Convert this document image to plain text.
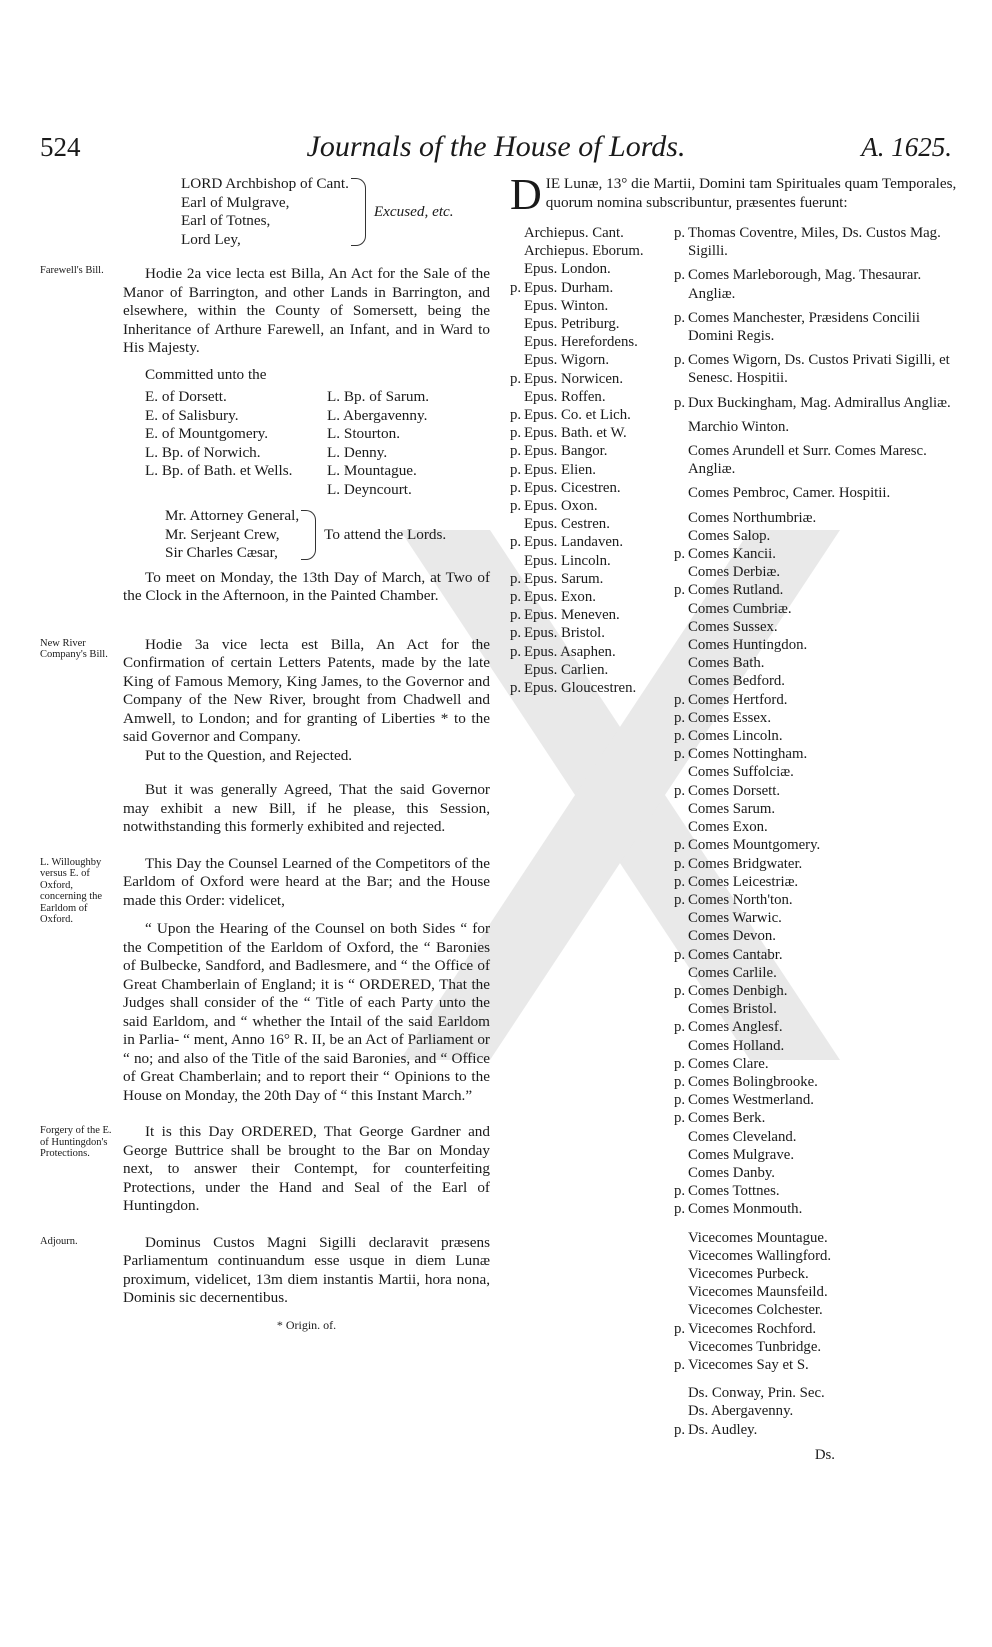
524	Journals of the House of Lords.	A. 1625.
LORD Archbishop of Cant.
Earl of Mulgrave,
Earl of Totnes,
Lord Ley,
Excused, etc.
Farewell's Bill.	Hodie 2a vice lecta est Billa, An Act for the Sale of the Manor of Barrington, and other Lands in Barrington, and elsewhere, within the County of Somersett, being the Inheritance of Arthure Farewell, an Infant, and in Ward to His Majesty.

Committed unto the

E. of Dorsett.
E. of Salisbury.
E. of Mountgomery.
L. Bp. of Norwich.
L. Bp. of Bath. et Wells.
L. Bp. of Sarum.
L. Abergavenny.
L. Stourton.
L. Denny.
L. Mountague.
L. Deyncourt.
Mr. Attorney General,
Mr. Serjeant Crew,
Sir Charles Cæsar,
To attend the Lords.

To meet on Monday, the 13th Day of March, at Two of the Clock in the Afternoon, in the Painted Chamber.

New River Company's Bill.

Hodie 3a vice lecta est Billa, An Act for the Confirmation of certain Letters Patents, made by the late King of Famous Memory, King James, to the Governor and Company of the New River, brought from Chadwell and Amwell, to London; and for granting of Liberties * to the said Governor and Company.

Put to the Question, and Rejected.

But it was generally Agreed, That the said Governor may exhibit a new Bill, if he please, this Session, notwithstanding this formerly exhibited and rejected.

L. Willoughby versus E. of Oxford, concerning the Earldom of Oxford.

This Day the Counsel Learned of the Competitors of the Earldom of Oxford were heard at the Bar; and the House made this Order: videlicet,

“ Upon the Hearing of the Counsel on both Sides “ for the Competition of the Earldom of Oxford, the “ Baronies of Bulbecke, Sandford, and Badlesmere, and “ the Office of Great Chamberlain of England; it is “ ORDERED, That the Judges shall consider of the “ Title of each Party unto the said Earldom, and “ whether the Intail of the said Earldom in Parlia- “ ment, Anno 16° R. II, be an Act of Parliament or “ no; and also of the Title of the said Baronies, and “ Office of Great Chamberlain; and to report their “ Opinions to the House on Monday, the 20th Day of “ this Instant March.”

Forgery of the E. of Huntingdon's Protections.

It is this Day ORDERED, That George Gardner and George Buttrice shall be brought to the Bar on Monday next, to answer their Contempt, for counterfeiting Protections, under the Hand and Seal of the Earl of Huntingdon.

Adjourn.	Dominus Custos Magni Sigilli declaravit præsens Parliamentum continuandum esse usque in diem Lunæ proximum, videlicet, 13m diem instantis Martii, hora nona, Dominis sic decernentibus.

* Origin. of.
D IE Lunæ, 13° die Martii, Domini tam Spirituales quam Temporales, quorum nomina subscribuntur, præsentes fuerunt:
Archiepus. Cant.
Archiepus. Eborum.
Epus. London.
p. Epus. Durham.
Epus. Winton.
Epus. Petriburg.
Epus. Herefordens.
Epus. Wigorn.
p. Epus. Norwicen.
Epus. Roffen.
p. Epus. Co. et Lich.
p. Epus. Bath. et W.
p. Epus. Bangor.
p. Epus. Elien.
p. Epus. Cicestren.
p. Epus. Oxon.
Epus. Cestren.
p. Epus. Landaven.
Epus. Lincoln.
p. Epus. Sarum.
p. Epus. Exon.
p. Epus. Meneven.
p. Epus. Bristol.
p. Epus. Asaphen.
Epus. Carlien.
p. Epus. Gloucestren.
p. Thomas Coventre, Miles, Ds. Custos Mag. Sigilli.
p. Comes Marleborough, Mag. Thesaurar. Angliæ.
p. Comes Manchester, Præsidens Concilii Domini Regis.
p. Comes Wigorn, Ds. Custos Privati Sigilli, et Senesc. Hospitii.
p. Dux Buckingham, Mag. Admirallus Angliæ.
Marchio Winton.
Comes Arundell et Surr. Comes Maresc. Angliæ.
Comes Pembroc, Camer. Hospitii.
Comes Northumbriæ.
Comes Salop.
p. Comes Kancii.
Comes Derbiæ.
p. Comes Rutland.
Comes Cumbriæ.
Comes Sussex.
Comes Huntingdon.
Comes Bath.
Comes Bedford.
p. Comes Hertford.
p. Comes Essex.
p. Comes Lincoln.
p. Comes Nottingham.
Comes Suffolciæ.
p. Comes Dorsett.
Comes Sarum.
Comes Exon.
p. Comes Mountgomery.
p. Comes Bridgwater.
p. Comes Leicestriæ.
p. Comes North'ton.
Comes Warwic.
Comes Devon.
p. Comes Cantabr.
Comes Carlile.
p. Comes Denbigh.
Comes Bristol.
p. Comes Anglesf.
Comes Holland.
p. Comes Clare.
p. Comes Bolingbrooke.
p. Comes Westmerland.
p. Comes Berk.
Comes Cleveland.
Comes Mulgrave.
Comes Danby.
p. Comes Tottnes.
p. Comes Monmouth.
Vicecomes Mountague.
Vicecomes Wallingford.
Vicecomes Purbeck.
Vicecomes Maunsfeild.
Vicecomes Colchester.
p. Vicecomes Rochford.
Vicecomes Tunbridge.
p. Vicecomes Say et S.
Ds. Conway, Prin. Sec.
Ds. Abergavenny.
p. Ds. Audley.
Ds.
